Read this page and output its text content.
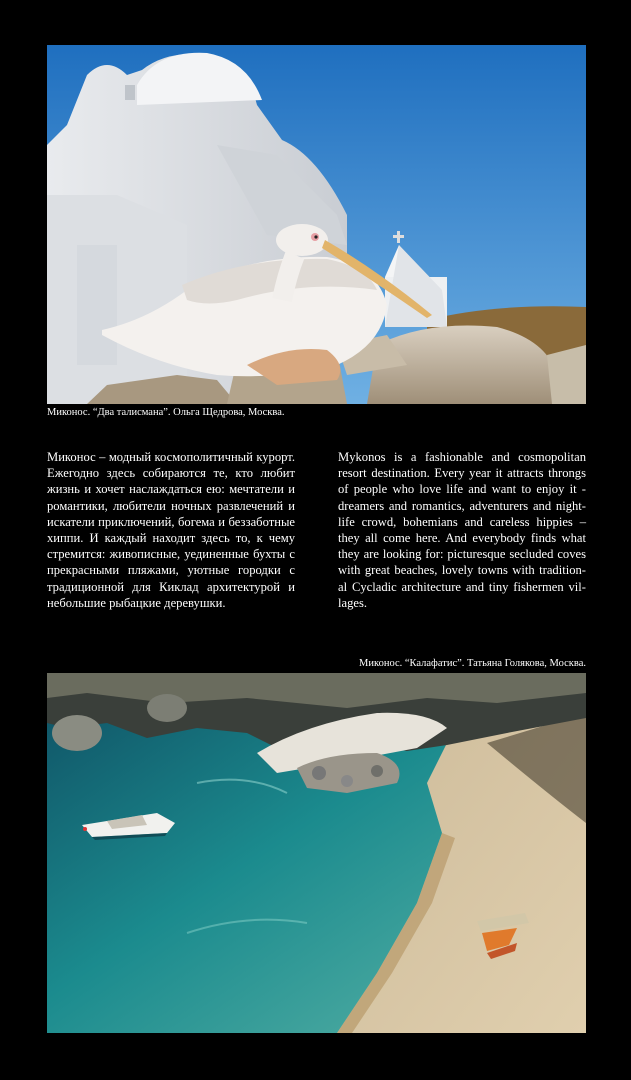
Миконос. “Два талисмана”. Ольга Щедрова, Москва.
Миконос – модный космополитичный курорт. Ежегодно здесь собираются те, кто любит жизнь и хочет наслаждаться ею: мечтатели и романтики, любители ночных развлечений и искатели приключений, богема и беззаботные хиппи. И каждый находит здесь то, к чему стремится: живописные, уединенные бухты с прекрасными пляжами, уютные городки с традиционной для Киклад архитектурой и небольшие рыбацкие деревушки.
Mykonos is a fashionable and cosmopolitan resort destination. Every year it attracts throngs of people who love life and want to enjoy it - dreamers and romantics, adventurers and night-life crowd, bohemians and careless hippies – they all come here. And everybody finds what they are looking for: picturesque secluded coves with great beaches, lovely towns with tradition-al Cycladic architecture and tiny fishermen vil-lages.
Миконос. “Калафатис”. Татьяна Голякова, Москва.
